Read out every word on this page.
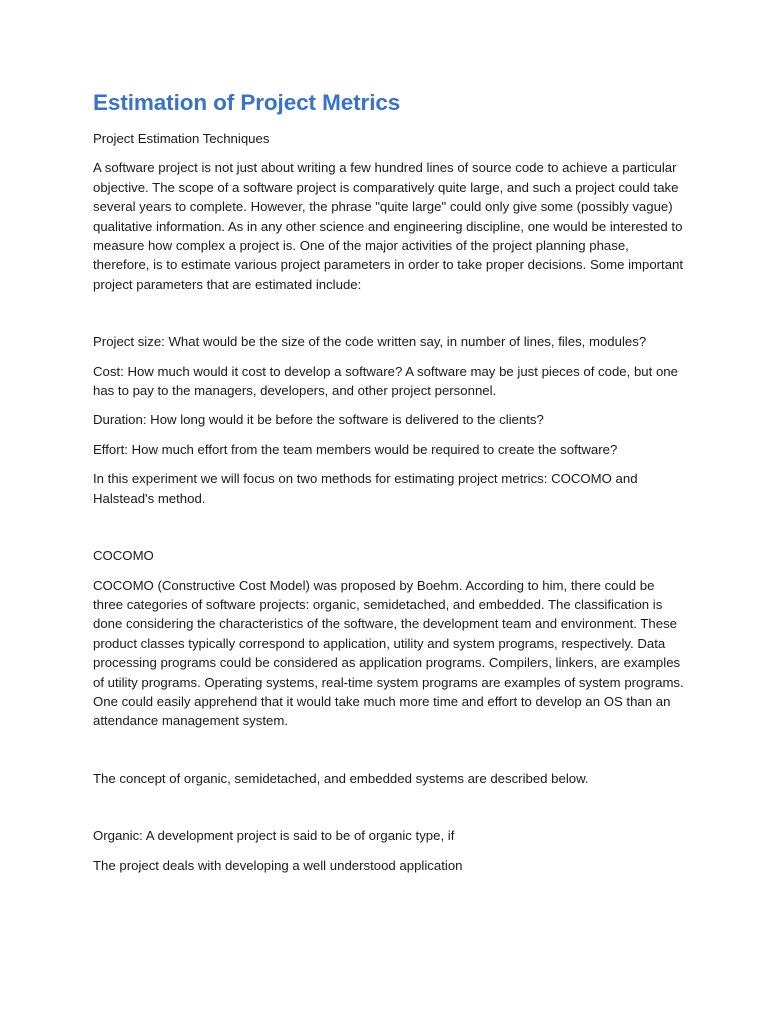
Estimation of Project Metrics

Project Estimation Techniques

A software project is not just about writing a few hundred lines of source code to achieve a particular objective. The scope of a software project is comparatively quite large, and such a project could take several years to complete. However, the phrase "quite large" could only give some (possibly vague) qualitative information. As in any other science and engineering discipline, one would be interested to measure how complex a project is. One of the major activities of the project planning phase, therefore, is to estimate various project parameters in order to take proper decisions. Some important project parameters that are estimated include:

Project size: What would be the size of the code written say, in number of lines, files, modules?

Cost: How much would it cost to develop a software? A software may be just pieces of code, but one has to pay to the managers, developers, and other project personnel.

Duration: How long would it be before the software is delivered to the clients?

Effort: How much effort from the team members would be required to create the software?

In this experiment we will focus on two methods for estimating project metrics: COCOMO and Halstead's method.

COCOMO

COCOMO (Constructive Cost Model) was proposed by Boehm. According to him, there could be three categories of software projects: organic, semidetached, and embedded. The classification is done considering the characteristics of the software, the development team and environment. These product classes typically correspond to application, utility and system programs, respectively. Data processing programs could be considered as application programs. Compilers, linkers, are examples of utility programs. Operating systems, real-time system programs are examples of system programs. One could easily apprehend that it would take much more time and effort to develop an OS than an attendance management system.

The concept of organic, semidetached, and embedded systems are described below.

Organic: A development project is said to be of organic type, if

The project deals with developing a well understood application
